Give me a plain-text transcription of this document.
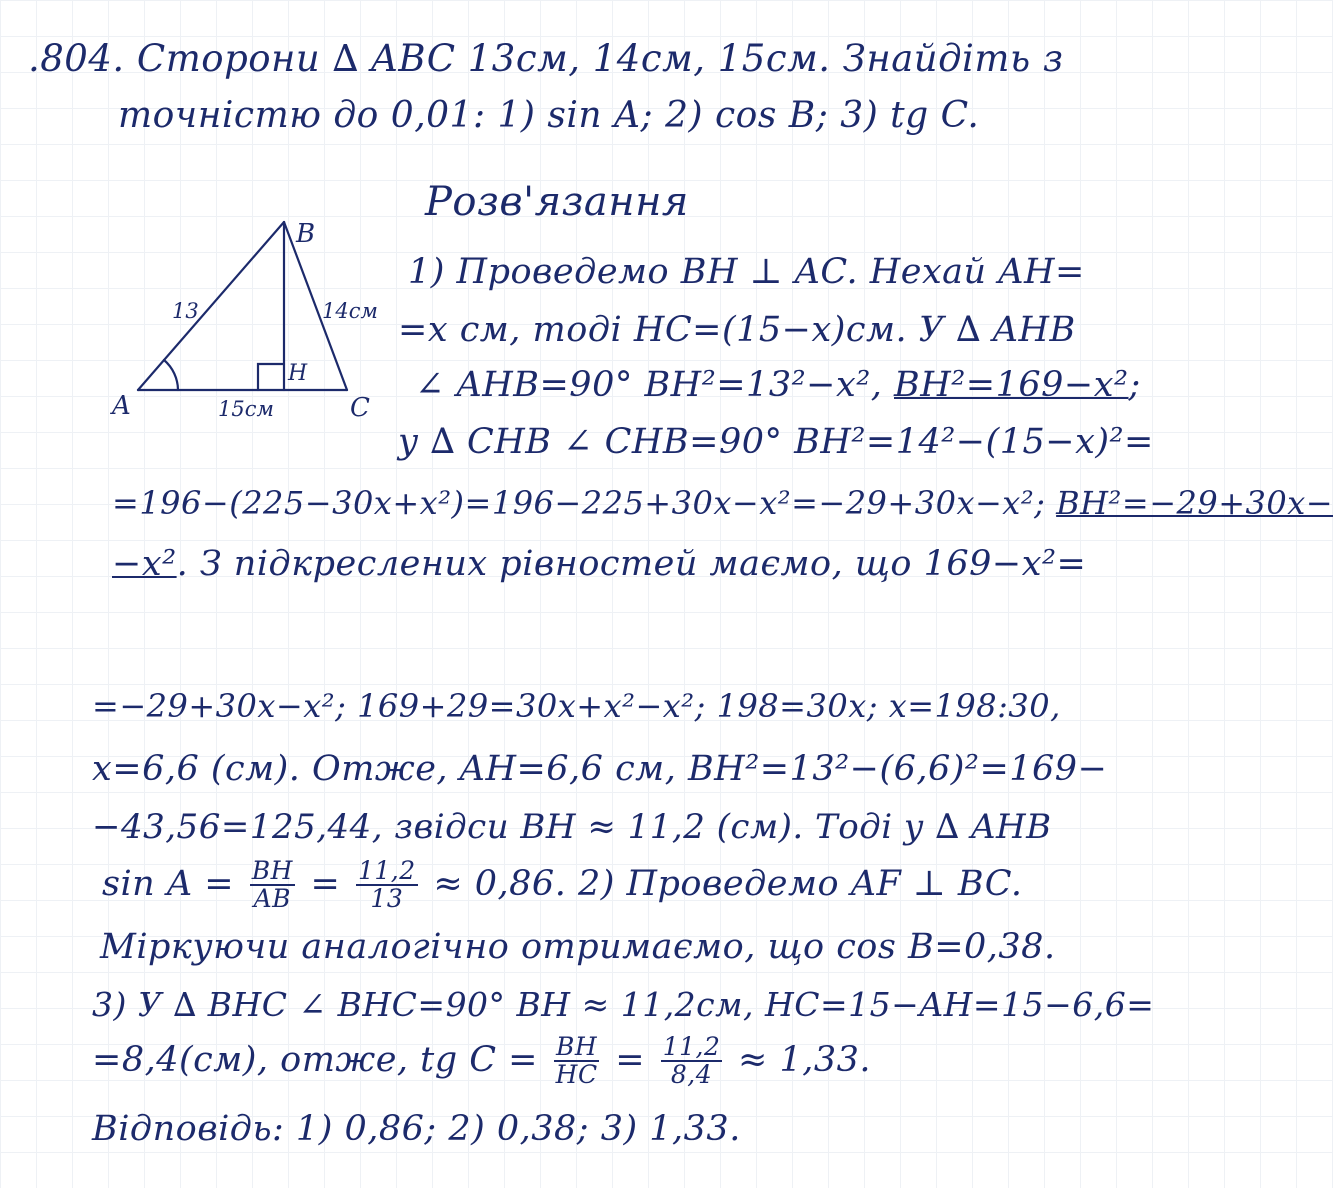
.804. Сторони ∆ ABC 13см, 14см, 15см. Знайдіть з
точністю до 0,01: 1) sin A; 2) cos B; 3) tg C.
Розв'язання
A
B
C
H
13	14см
15см
1) Проведемо BH ⊥ AC. Нехай AH=
=x см, тоді HC=(15−x)см. У ∆ AHB
∠ AHB=90° BH²=13²−x², BH²=169−x²;
у ∆ CHB ∠ CHB=90° BH²=14²−(15−x)²=
=196−(225−30x+x²)=196−225+30x−x²=−29+30x−x²; BH²=−29+30x−
−x². З підкреслених рівностей маємо, що 169−x²=
=−29+30x−x²; 169+29=30x+x²−x²; 198=30x; x=198:30,
x=6,6 (см). Отже, AH=6,6 см, BH²=13²−(6,6)²=169−
−43,56=125,44, звідси BH ≈ 11,2 (см). Тоді у ∆ AHB
$\sin A = \frac{BH}{AB} = \frac{11,2}{13} \approx 0,86$. 2) Проведемо AF ⊥ BC.
Міркуючи аналогічно отримаємо, що cos B=0,38.
3) У ∆ BHC ∠ BHC=90° BH ≈ 11,2см, HC=15−AH=15−6,6=
=8,4(см), отже, tg $C = \frac{BH}{HC} = \frac{11,2}{8,4} \approx 1,33$.
Відповідь: 1) 0,86; 2) 0,38; 3) 1,33.
